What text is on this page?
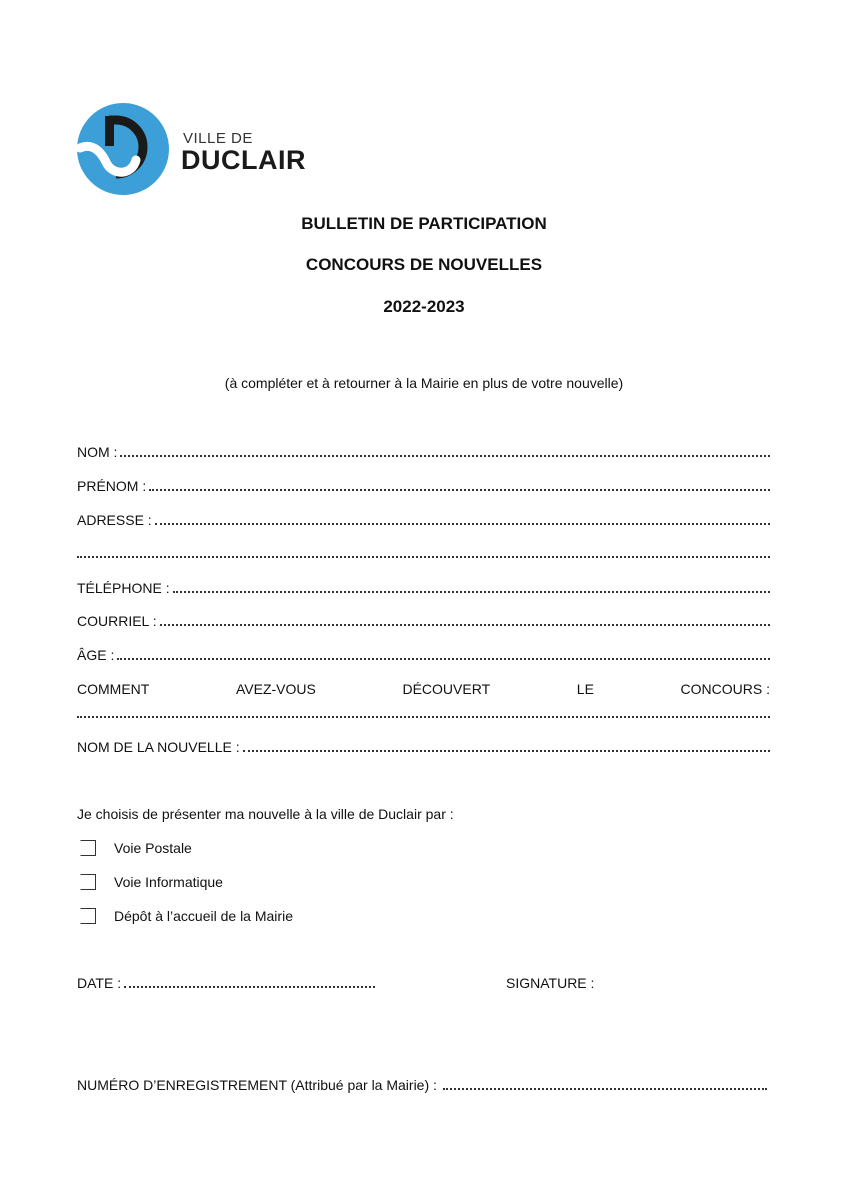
VILLE DE
DUCLAIR
BULLETIN DE PARTICIPATION
CONCOURS DE NOUVELLES
2022-2023
(à compléter et à retourner à la Mairie en plus de votre nouvelle)
NOM :
PRÉNOM :
ADRESSE :
TÉLÉPHONE :
COURRIEL :
ÂGE :
COMMENT	AVEZ-VOUS	DÉCOUVERT	LE	CONCOURS :
NOM DE LA NOUVELLE :
Je choisis de présenter ma nouvelle à la ville de Duclair par :
Voie Postale
Voie Informatique
Dépôt à l’accueil de la Mairie
DATE :	SIGNATURE :
NUMÉRO D’ENREGISTREMENT (Attribué par la Mairie) :
